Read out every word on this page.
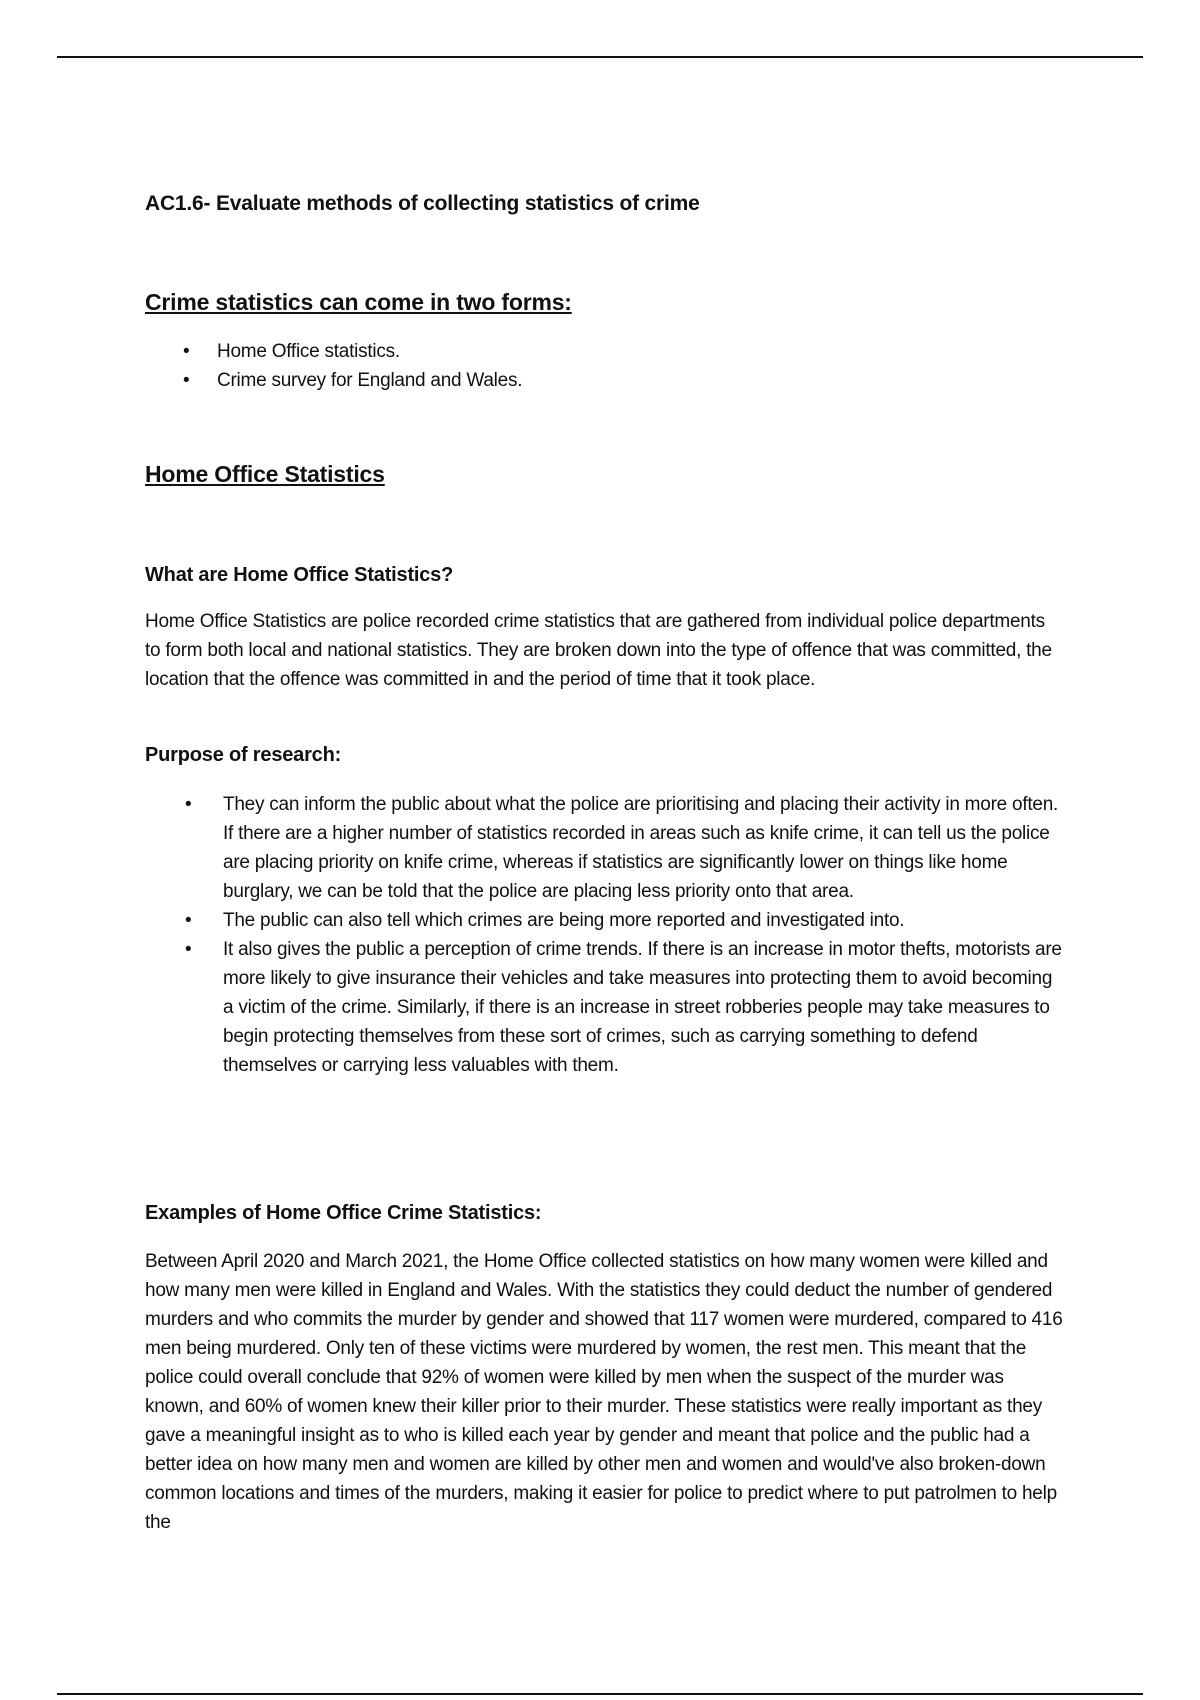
AC1.6- Evaluate methods of collecting statistics of crime
Crime statistics can come in two forms:
• Home Office statistics.
• Crime survey for England and Wales.
Home Office Statistics
What are Home Office Statistics?

Home Office Statistics are police recorded crime statistics that are gathered from individual police departments to form both local and national statistics. They are broken down into the type of offence that was committed, the location that the offence was committed in and the period of time that it took place.

Purpose of research:
• They can inform the public about what the police are prioritising and placing their activity in more often. If there are a higher number of statistics recorded in areas such as knife crime, it can tell us the police are placing priority on knife crime, whereas if statistics are significantly lower on things like home burglary, we can be told that the police are placing less priority onto that area.
• The public can also tell which crimes are being more reported and investigated into.
• It also gives the public a perception of crime trends. If there is an increase in motor thefts, motorists are more likely to give insurance their vehicles and take measures into protecting them to avoid becoming a victim of the crime. Similarly, if there is an increase in street robberies people may take measures to begin protecting themselves from these sort of crimes, such as carrying something to defend themselves or carrying less valuables with them.
Examples of Home Office Crime Statistics:

Between April 2020 and March 2021, the Home Office collected statistics on how many women were killed and how many men were killed in England and Wales. With the statistics they could deduct the number of gendered murders and who commits the murder by gender and showed that 117 women were murdered, compared to 416 men being murdered. Only ten of these victims were murdered by women, the rest men. This meant that the police could overall conclude that 92% of women were killed by men when the suspect of the murder was known, and 60% of women knew their killer prior to their murder. These statistics were really important as they gave a meaningful insight as to who is killed each year by gender and meant that police and the public had a better idea on how many men and women are killed by other men and women and would've also broken-down common locations and times of the murders, making it easier for police to predict where to put patrolmen to help the
